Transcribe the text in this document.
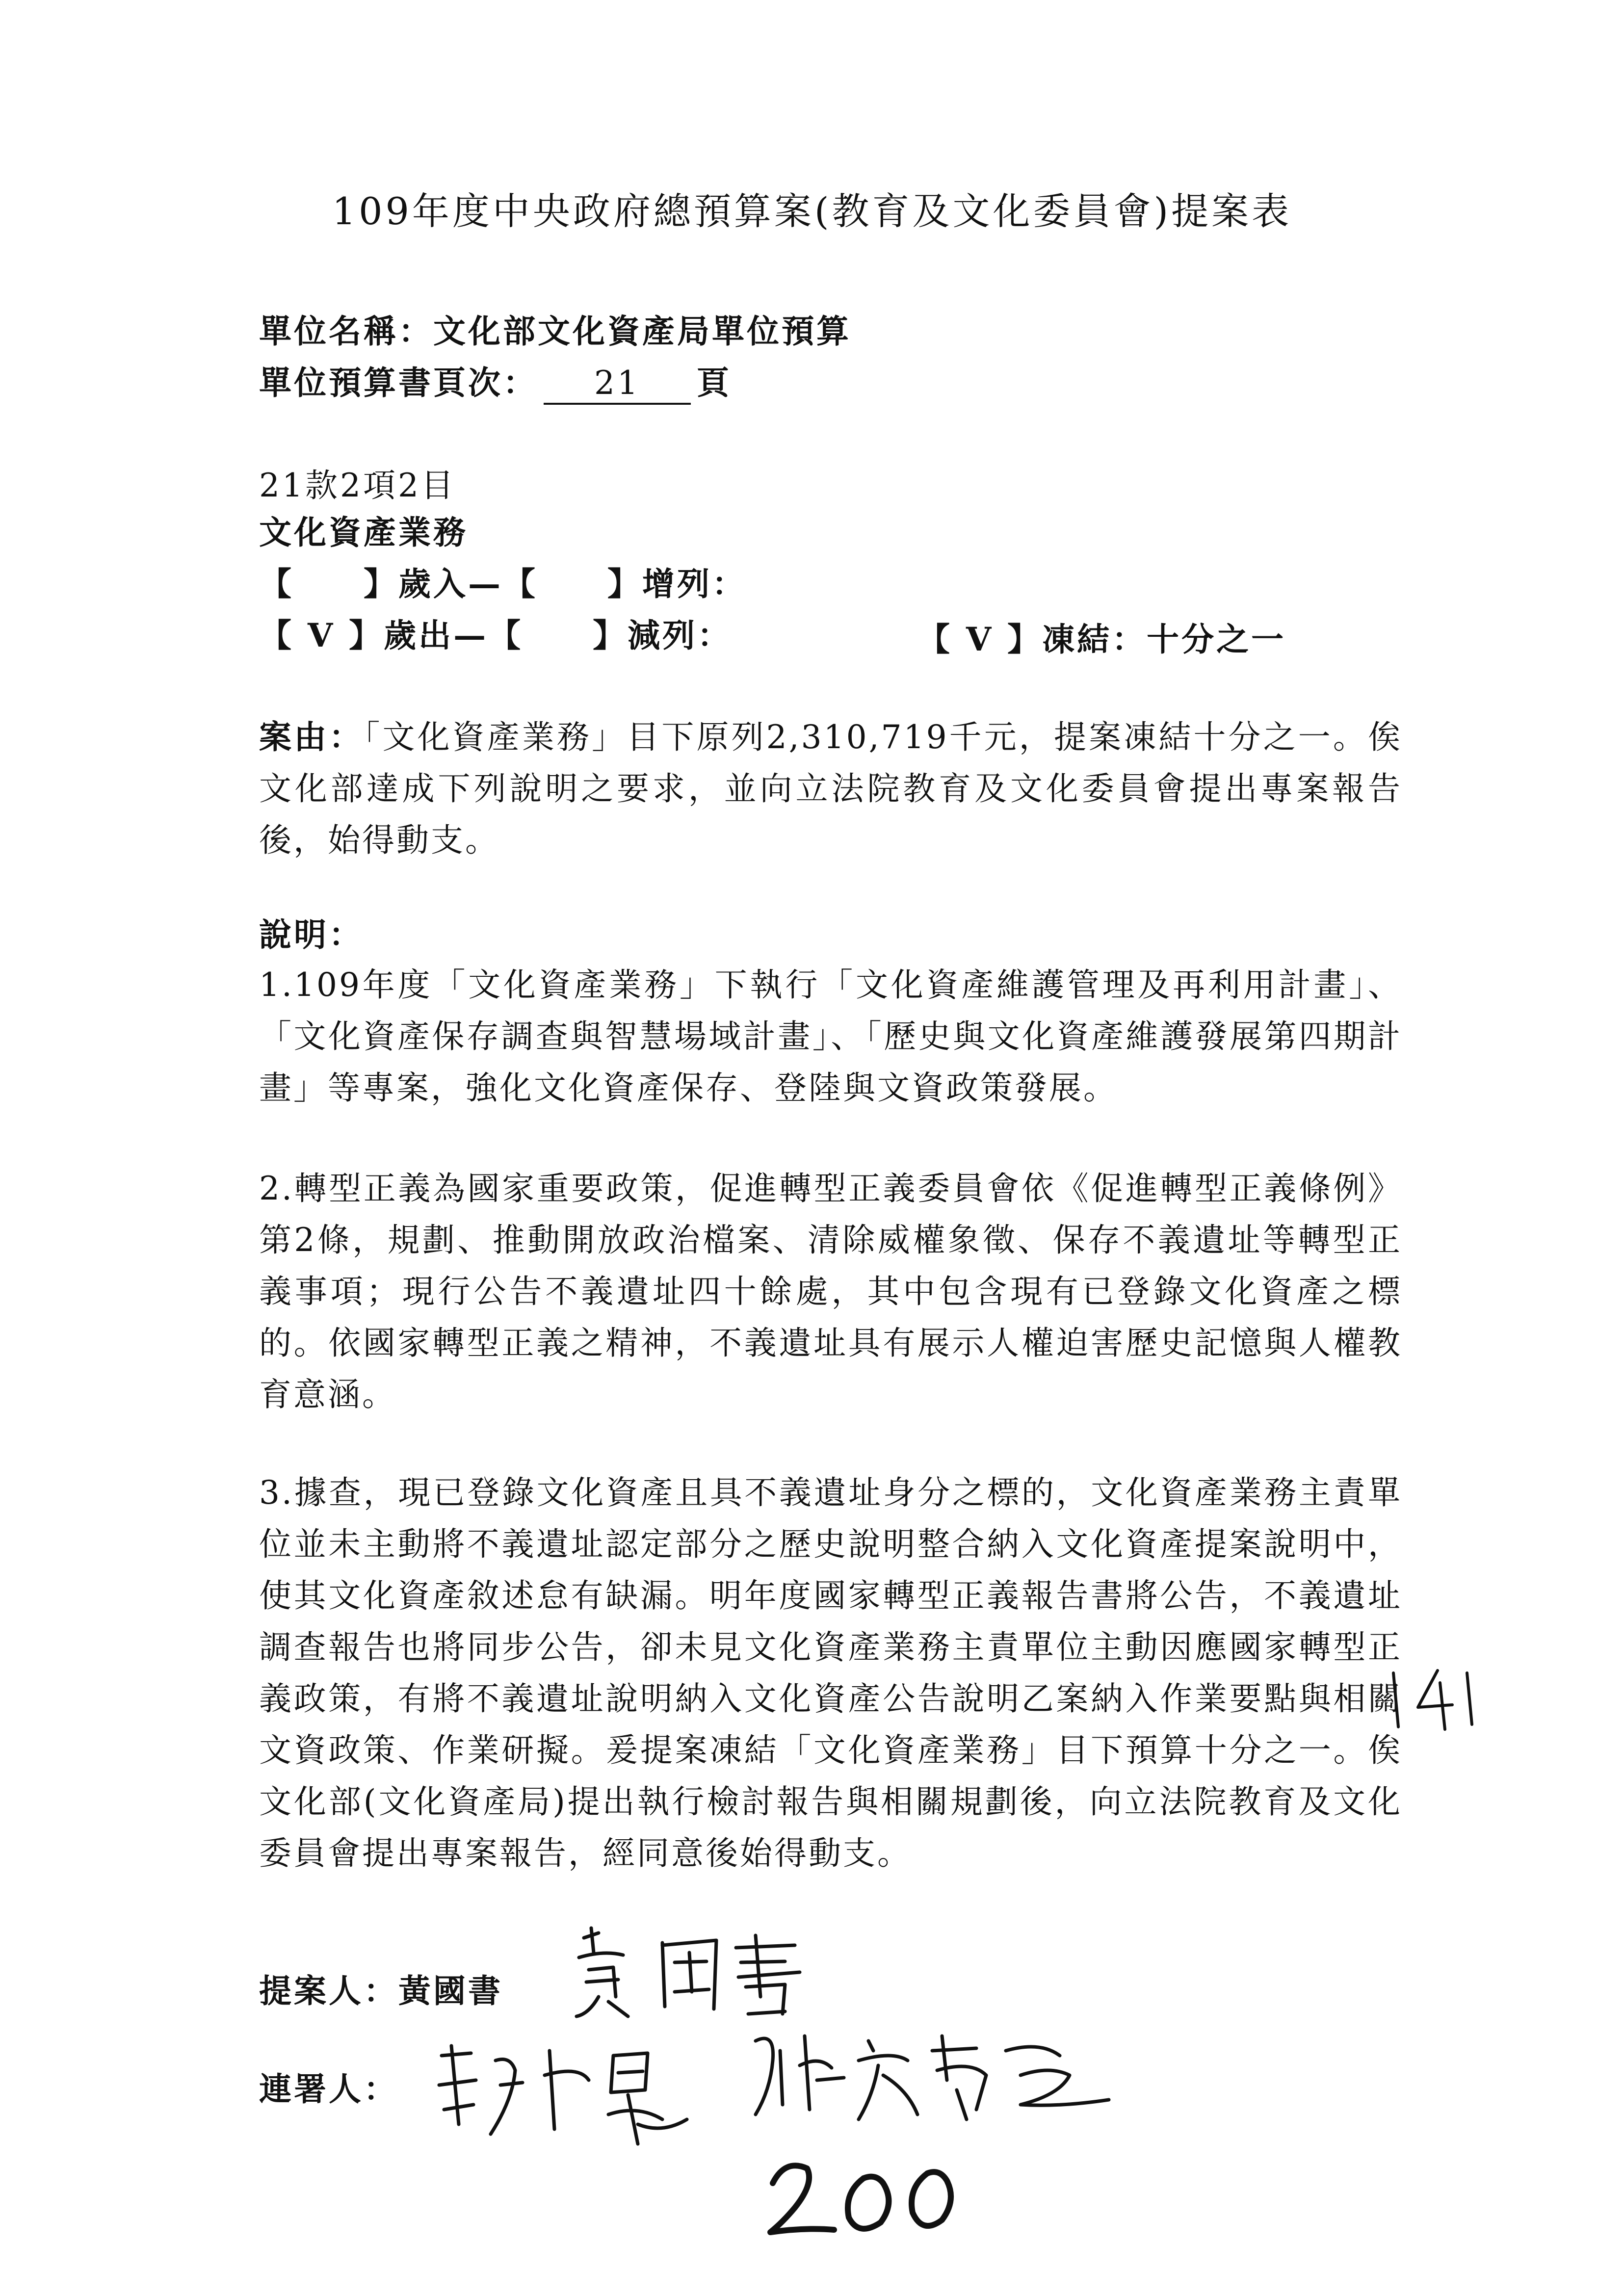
109年度中央政府總預算案(教育及文化委員會)提案表
單位名稱：文化部文化資產局單位預算
單位預算書頁次： 21 頁
21款2項2目
文化資產業務
【　　】歲入—【　　】增列：
【 V 】歲出—【　　】減列：	【 V 】凍結：十分之一
案由：「文化資產業務」目下原列2,310,719千元，提案凍結十分之一。俟文化部達成下列說明之要求，並向立法院教育及文化委員會提出專案報告後，始得動支。
說明：
1.109年度「文化資產業務」下執行「文化資產維護管理及再利用計畫」、「文化資產保存調查與智慧場域計畫」、「歷史與文化資產維護發展第四期計畫」等專案，強化文化資產保存、登陸與文資政策發展。
2.轉型正義為國家重要政策，促進轉型正義委員會依《促進轉型正義條例》第2條，規劃、推動開放政治檔案、清除威權象徵、保存不義遺址等轉型正義事項；現行公告不義遺址四十餘處，其中包含現有已登錄文化資產之標的。依國家轉型正義之精神，不義遺址具有展示人權迫害歷史記憶與人權教育意涵。
3.據查，現已登錄文化資產且具不義遺址身分之標的，文化資產業務主責單位並未主動將不義遺址認定部分之歷史說明整合納入文化資產提案說明中，使其文化資產敘述怠有缺漏。明年度國家轉型正義報告書將公告，不義遺址調查報告也將同步公告，卻未見文化資產業務主責單位主動因應國家轉型正義政策，有將不義遺址說明納入文化資產公告說明乙案納入作業要點與相關文資政策、作業研擬。爰提案凍結「文化資產業務」目下預算十分之一。俟文化部(文化資產局)提出執行檢討報告與相關規劃後，向立法院教育及文化委員會提出專案報告，經同意後始得動支。
提案人：黃國書
連署人：
